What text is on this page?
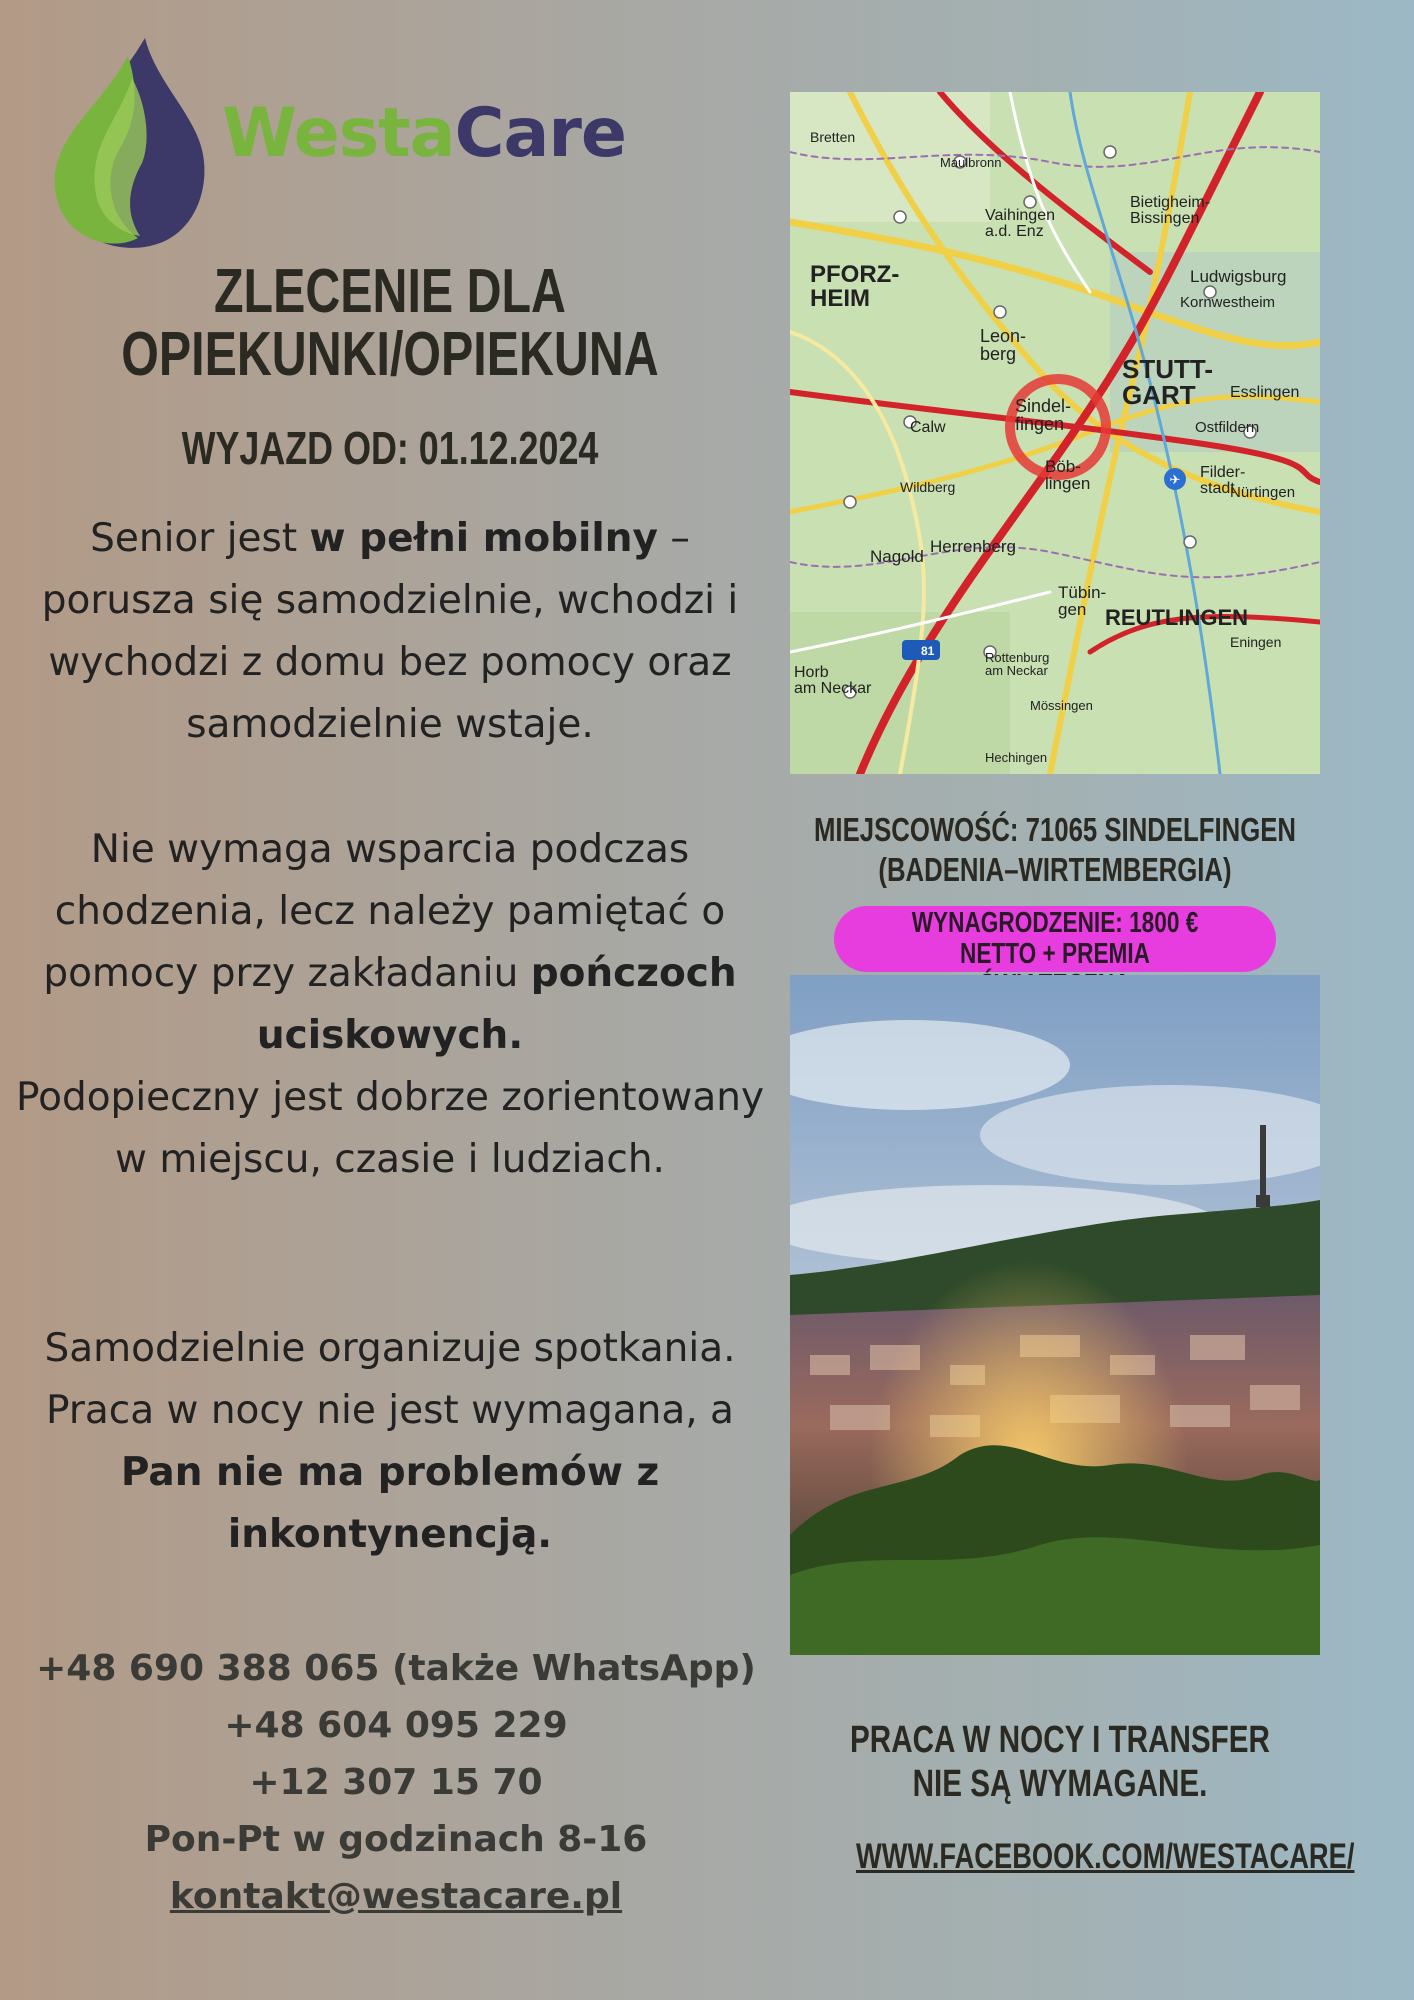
WestaCare
ZLECENIE DLA
OPIEKUNKI/OPIEKUNA
WYJAZD OD: 01.12.2024
Senior jest w pełni mobilny – porusza się samodzielnie, wchodzi i wychodzi z domu bez pomocy oraz samodzielnie wstaje.
Nie wymaga wsparcia podczas chodzenia, lecz należy pamiętać o pomocy przy zakładaniu pończoch uciskowych.
Podopieczny jest dobrze zorientowany w miejscu, czasie i ludziach.
Samodzielnie organizuje spotkania. Praca w nocy nie jest wymagana, a Pan nie ma problemów z inkontynencją.
+48 690 388 065 (także WhatsApp)
+48 604 095 229
+12 307 15 70
Pon-Pt w godzinach 8-16
kontakt@westacare.pl
✈
STUTT-GART
REUTLINGEN
PFORZ-HEIM
Sindel-fingen
Leon-berg
Böb-lingen
Herrenberg
Ludwigsburg
Esslingen
Tübin-gen
Calw
Nagold
Horb am Neckar
Vaihingen a.d. Enz
Bietigheim-Bissingen
Kornwestheim
Filder-stadt
Ostfildern
Nürtingen
Eningen
Mössingen
Hechingen
Rottenburg am Neckar
Wildberg
Maulbronn
Bretten
81
MIEJSCOWOŚĆ: 71065 SINDELFINGEN (BADENIA–WIRTEMBERGIA)
WYNAGRODZENIE: 1800 €
NETTO + PREMIA
PRACA W NOCY I TRANSFER NIE SĄ WYMAGANE.
WWW.FACEBOOK.COM/WESTACARE/
